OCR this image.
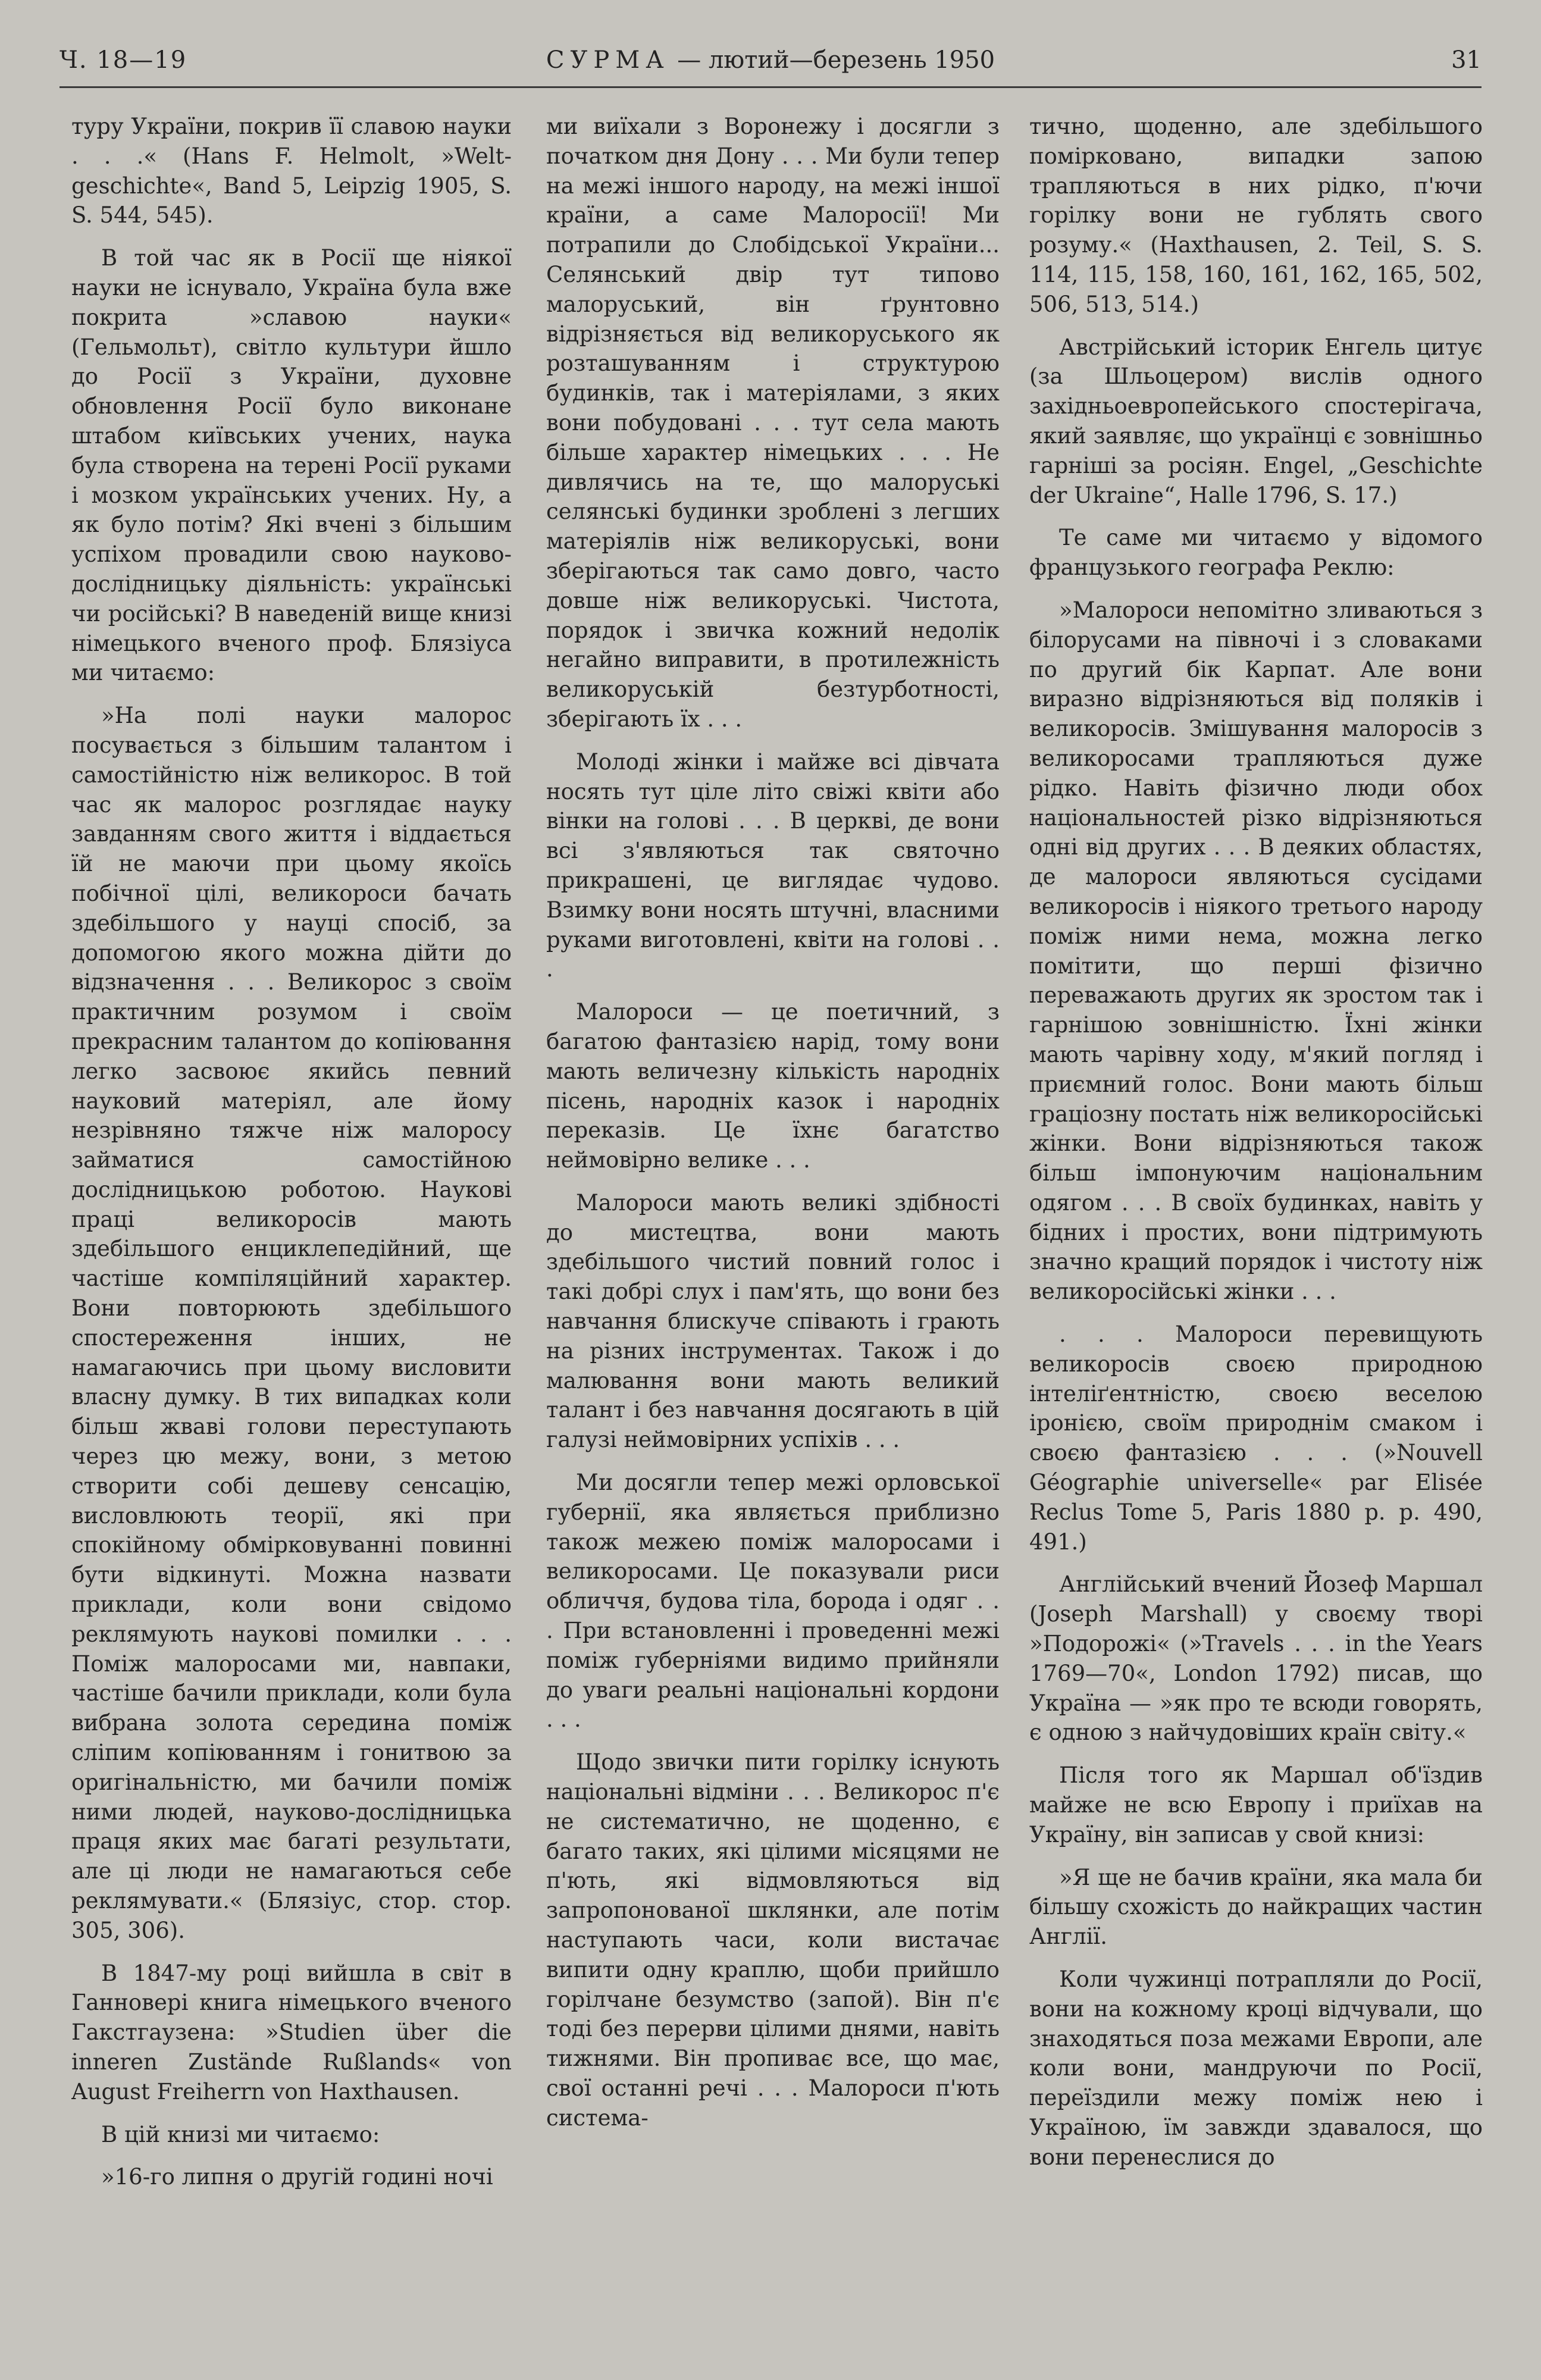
Ч. 18—19	СУРМА — лютий—березень 1950	31

туру України, покрив її славою науки . . .« (Hans F. Helmolt, »Welt-geschichte«, Band 5, Leipzig 1905, S. S. 544, 545).

В той час як в Росії ще ніякої науки не існувало, Україна була вже покрита »славою науки« (Гельмольт), світло культури йшло до Росії з України, духовне обновлення Росії було виконане штабом київських учених, наука була створена на терені Росії руками і мозком українських учених. Ну, а як було потім? Які вчені з більшим успіхом провадили свою науково-дослідницьку діяльність: українські чи російські? В наведеній вище книзі німецького вченого проф. Блязіуса ми читаємо:

»На полі науки малорос посувається з більшим талантом і самостійністю ніж великорос. В той час як малорос розглядає науку завданням свого життя і віддається їй не маючи при цьому якоїсь побічної цілі, великороси бачать здебільшого у науці спосіб, за допомогою якого можна дійти до відзначення . . . Великорос з своїм практичним розумом і своїм прекрасним талантом до копіювання легко засвоює якийсь певний науковий матеріял, але йому незрівняно тяжче ніж малоросу займатися самостійною дослідницькою роботою. Наукові праці великоросів мають здебільшого енциклепедійний, ще частіше компіляційний характер. Вони повторюють здебільшого спостереження інших, не намагаючись при цьому висловити власну думку. В тих випадках коли більш жваві голови переступають через цю межу, вони, з метою створити собі дешеву сенсацію, висловлюють теорії, які при спокійному обмірковуванні повинні бути відкинуті. Можна назвати приклади, коли вони свідомо реклямують наукові помилки . . . Поміж малоросами ми, навпаки, частіше бачили приклади, коли була вибрана золота середина поміж сліпим копіюванням і гонитвою за оригінальністю, ми бачили поміж ними людей, науково-дослідницька праця яких має багаті результати, але ці люди не намагаються себе реклямувати.« (Блязіус, стор. стор. 305, 306).

В 1847-му році вийшла в світ в Ганновері книга німецького вченого Гакстгаузена: »Studien über die inneren Zustände Rußlands« von August Freiherrn von Haxthausen.

В цій книзі ми читаємо:

»16-го липня о другій годині ночі

ми виїхали з Воронежу і досягли з початком дня Дону . . . Ми були тепер на межі іншого народу, на межі іншої країни, а саме Малоросії! Ми потрапили до Слобідської України... Селянський двір тут типово малоруський, він ґрунтовно відрізняється від великоруського як розташуванням і структурою будинків, так і матеріялами, з яких вони побудовані . . . тут села мають більше характер німецьких . . . Не дивлячись на те, що малоруські селянські будинки зроблені з легших матеріялів ніж великоруські, вони зберігаються так само довго, часто довше ніж великоруські. Чистота, порядок і звичка кожний недолік негайно виправити, в протилежність великоруській безтурботності, зберігають їх . . .

Молоді жінки і майже всі дівчата носять тут ціле літо свіжі квіти або вінки на голові . . . В церкві, де вони всі з'являються так святочно прикрашені, це виглядає чудово. Взимку вони носять штучні, власними руками виготовлені, квіти на голові . . .

Малороси — це поетичний, з багатою фантазією нарід, тому вони мають величезну кількість народніх пісень, народніх казок і народніх переказів. Це їхнє багатство неймовірно велике . . .

Малороси мають великі здібності до мистецтва, вони мають здебільшого чистий повний голос і такі добрі слух і пам'ять, що вони без навчання блискуче співають і грають на різних інструментах. Також і до малювання вони мають великий талант і без навчання досягають в цій галузі неймовірних успіхів . . .

Ми досягли тепер межі орловської губернії, яка являється приблизно також межею поміж малоросами і великоросами. Це показували риси обличчя, будова тіла, борода і одяг . . . При встановленні і проведенні межі поміж губерніями видимо прийняли до уваги реальні національні кордони . . .

Щодо звички пити горілку існують національні відміни . . . Великорос п'є не систематично, не щоденно, є багато таких, які цілими місяцями не п'ють, які відмовляються від запропонованої шклянки, але потім наступають часи, коли вистачає випити одну краплю, щоби прийшло горілчане безумство (запой). Він п'є тоді без перерви цілими днями, навіть тижнями. Він пропиває все, що має, свої останні речі . . . Малороси п'ють система-

тично, щоденно, але здебільшого помірковано, випадки запою трапляються в них рідко, п'ючи горілку вони не гублять свого розуму.« (Haxthausen, 2. Teil, S. S. 114, 115, 158, 160, 161, 162, 165, 502, 506, 513, 514.)

Австрійський історик Енгель цитує (за Шльоцером) вислів одного західньоевропейського спостерігача, який заявляє, що українці є зовнішньо гарніші за росіян. Engel, „Geschichte der Ukraine“, Halle 1796, S. 17.)

Те саме ми читаємо у відомого французького географа Реклю:

»Малороси непомітно зливаються з білорусами на півночі і з словаками по другий бік Карпат. Але вони виразно відрізняються від поляків і великоросів. Змішування малоросів з великоросами трапляються дуже рідко. Навіть фізично люди обох національностей різко відрізняються одні від других . . . В деяких областях, де малороси являються сусідами великоросів і ніякого третього народу поміж ними нема, можна легко помітити, що перші фізично переважають других як зростом так і гарнішою зовнішністю. Їхні жінки мають чарівну ходу, м'який погляд і приємний голос. Вони мають більш граціозну постать ніж великоросійські жінки. Вони відрізняються також більш імпонуючим національним одягом . . . В своїх будинках, навіть у бідних і простих, вони підтримують значно кращий порядок і чистоту ніж великоросійські жінки . . .

. . . Малороси перевищують великоросів своєю природною інтеліґентністю, своєю веселою іронією, своїм природнім смаком і своєю фантазією . . . (»Nouvell Géographie universelle« par Elisée Reclus Tome 5, Paris 1880 p. p. 490, 491.)

Англійський вчений Йозеф Маршал (Joseph Marshall) у своєму творі »Подорожі« (»Travels . . . in the Years 1769—70«, London 1792) писав, що Україна — »як про те всюди говорять, є одною з найчудовіших країн світу.«

Після того як Маршал об'їздив майже не всю Европу і приїхав на Україну, він записав у свой книзі:

»Я ще не бачив країни, яка мала би більшу схожість до найкращих частин Англії.

Коли чужинці потрапляли до Росії, вони на кожному кроці відчували, що знаходяться поза межами Европи, але коли вони, мандруючи по Росії, переїздили межу поміж нею і Україною, їм завжди здавалося, що вони перенеслися до
